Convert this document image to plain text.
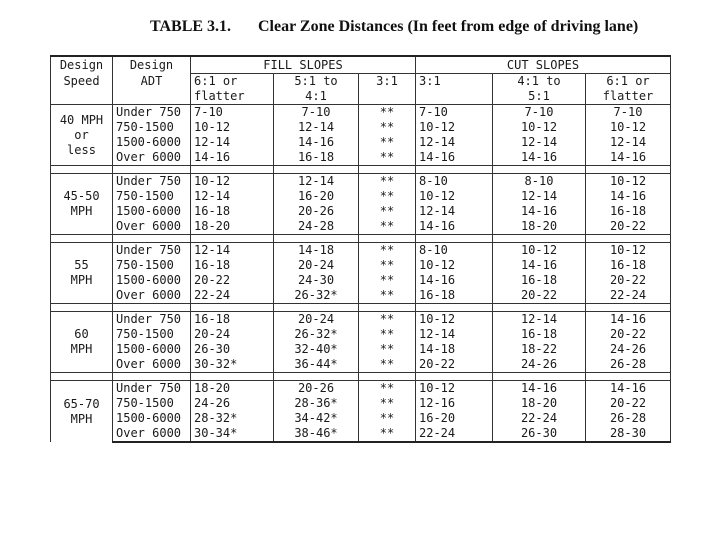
TABLE 3.1. Clear Zone Distances (In feet from edge of driving lane)
Design	Design	FILL SLOPES			CUT SLOPES		
Speed	ADT	6:1 or	5:1 to	3:1	3:1	4:1 to	6:1 or
		flatter	4:1			5:1	flatter

40 MPH
or
less	Under 750	7-10	7-10	**	7-10	7-10	7-10
	750-1500	10-12	12-14	**	10-12	10-12	10-12
	1500-6000	12-14	14-16	**	12-14	12-14	12-14
	Over 6000	14-16	16-18	**	14-16	14-16	14-16

45-50
MPH	Under 750	10-12	12-14	**	8-10	8-10	10-12
	750-1500	12-14	16-20	**	10-12	12-14	14-16
	1500-6000	16-18	20-26	**	12-14	14-16	16-18
	Over 6000	18-20	24-28	**	14-16	18-20	20-22

55
MPH	Under 750	12-14	14-18	**	8-10	10-12	10-12
	750-1500	16-18	20-24	**	10-12	14-16	16-18
	1500-6000	20-22	24-30	**	14-16	16-18	20-22
	Over 6000	22-24	26-32*	**	16-18	20-22	22-24

60
MPH	Under 750	16-18	20-24	**	10-12	12-14	14-16
	750-1500	20-24	26-32*	**	12-14	16-18	20-22
	1500-6000	26-30	32-40*	**	14-18	18-22	24-26
	Over 6000	30-32*	36-44*	**	20-22	24-26	26-28

65-70
MPH	Under 750	18-20	20-26	**	10-12	14-16	14-16
	750-1500	24-26	28-36*	**	12-16	18-20	20-22
	1500-6000	28-32*	34-42*	**	16-20	22-24	26-28
	Over 6000	30-34*	38-46*	**	22-24	26-30	28-30
